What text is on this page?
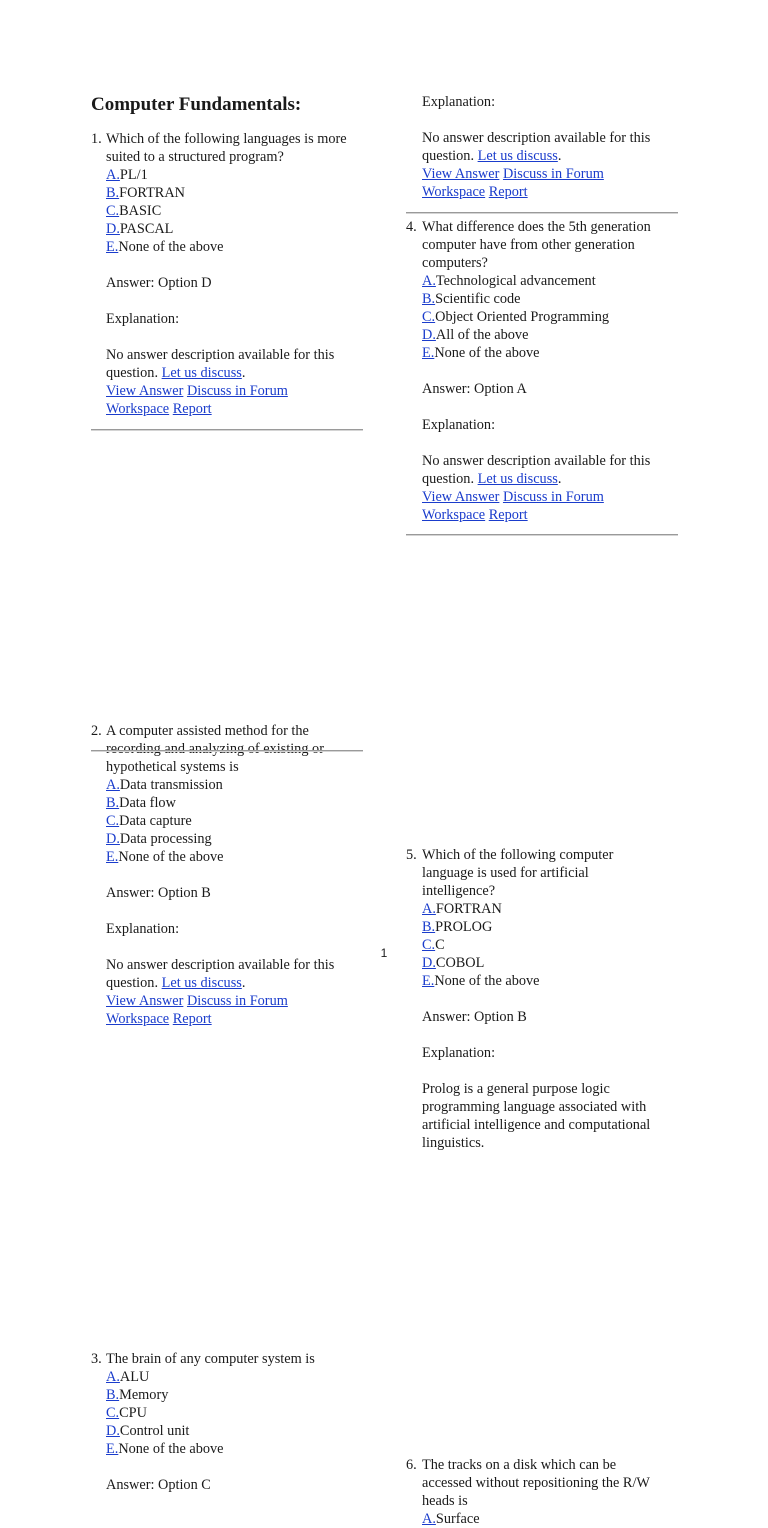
Computer Fundamentals:
1. Which of the following languages is more
suited to a structured program?
A.PL/1
B.FORTRAN
C.BASIC
D.PASCAL
E.None of the above
Answer: Option D
Explanation:
No answer description available for this
question. Let us discuss.
View Answer Discuss in Forum
Workspace Report
2. A computer assisted method for the
recording and analyzing of existing or
hypothetical systems is
A.Data transmission
B.Data flow
C.Data capture
D.Data processing
E.None of the above
Answer: Option B
Explanation:
No answer description available for this
question. Let us discuss.
View Answer Discuss in Forum
Workspace Report
3. The brain of any computer system is
A.ALU
B.Memory
C.CPU
D.Control unit
E.None of the above
Answer: Option C
Explanation:
No answer description available for this
question. Let us discuss.
View Answer Discuss in Forum
Workspace Report
4. What difference does the 5th generation
computer have from other generation
computers?
A.Technological advancement
B.Scientific code
C.Object Oriented Programming
D.All of the above
E.None of the above
Answer: Option A
Explanation:
No answer description available for this
question. Let us discuss.
View Answer Discuss in Forum
Workspace Report
5. Which of the following computer
language is used for artificial
intelligence?
A.FORTRAN
B.PROLOG
C.C
D.COBOL
E.None of the above
Answer: Option B
Explanation:
Prolog is a general purpose logic
programming language associated with
artificial intelligence and computational
linguistics.
6. The tracks on a disk which can be
accessed without repositioning the R/W
heads is
A.Surface
1
